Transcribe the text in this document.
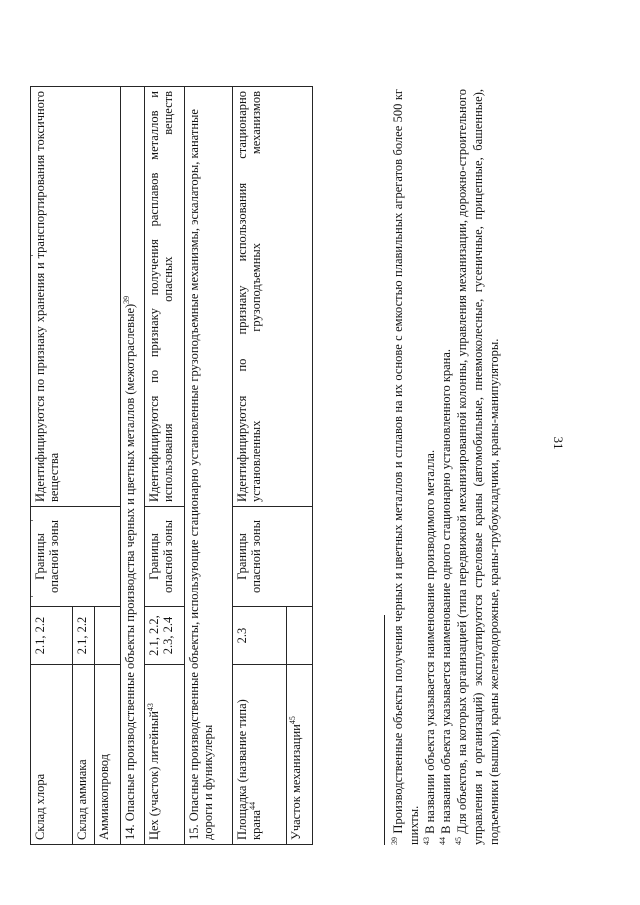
31
Склад хлора	2.1, 2.2	Границы опасной зоны	Идентифицируются по признаку хранения и транспортирования токсичного вещества
Склад аммиака	2.1, 2.2		
Аммиакопровод			
14. Опасные производственные объекты производства черных и цветных металлов (межотраслевые)$^{39}$
Цех (участок) литейный$^{43}$	2.1, 2.2, 2.3, 2.4	Границы опасной зоны	Идентифицируются по признаку получения расплавов металлов и использования опасных веществ
15. Опасные производственные объекты, использующие стационарно установленные грузоподъемные механизмы, эскалаторы, канатные дороги и фуникулеры			
Площадка (название типа) крана$^{44}$	2.3	Границы опасной зоны	Идентифицируются по признаку использования стационарно установленных грузоподъемных механизмов
Участок механизации$^{45}$	

$^{39}$ Производственные объекты получения черных и цветных металлов и сплавов на их основе с емкостью плавильных агрегатов более 500 кг шихты. $^{43}$ В названии объекта указывается наименование производимого металла.

$^{44}$ В названии объекта указывается наименование одного стационарно установленного крана.

$^{45}$ Для объектов, на которых организацией (типа передвижной механизированной колонны, управления механизации, дорожно-строительного управления и организаций) эксплуатируются стреловые краны (автомобильные, пневмоколесные, гусеничные, прицепные, башенные), подъемники (вышки), краны железнодорожные, краны-трубоукладчики, краны-манипуляторы.
